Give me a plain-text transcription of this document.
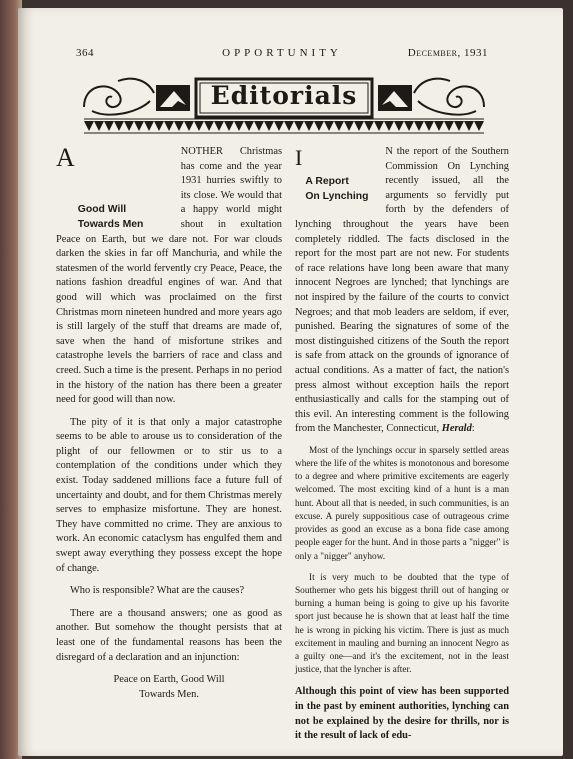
364	OPPORTUNITY	December, 1931
Editorials
A
Good Will
Towards Men

NOTHER Christmas has come and the year 1931 hurries swiftly to its close. We would that a happy world might shout in exultation Peace on Earth, but we dare not. For war clouds darken the skies in far off Manchuria, and while the statesmen of the world fervently cry Peace, Peace, the nations fashion dreadful engines of war. And that good will which was proclaimed on the first Christmas morn nineteen hundred and more years ago is still largely of the stuff that dreams are made of, save when the hand of misfortune strikes and catastrophe levels the barriers of race and class and creed. Such a time is the present. Perhaps in no period in the history of the nation has there been a greater need for good will than now.

The pity of it is that only a major catastrophe seems to be able to arouse us to consideration of the plight of our fellowmen or to stir us to a contemplation of the conditions under which they exist. Today saddened millions face a future full of uncertainty and doubt, and for them Christmas merely serves to emphasize misfortune. They are honest. They have committed no crime. They are anxious to work. An economic cataclysm has engulfed them and swept away everything they possess except the hope of change.

Who is responsible? What are the causes?

There are a thousand answers; one as good as another. But somehow the thought persists that at least one of the fundamental reasons has been the disregard of a declaration and an injunction:

Peace on Earth, Good Will

Towards Men.

I
A Report
On Lynching

N the report of the Southern Commission On Lynching recently issued, all the arguments so fervidly put forth by the defenders of lynching throughout the years have been completely riddled. The facts disclosed in the report for the most part are not new. For students of race relations have long been aware that many innocent Negroes are lynched; that lynchings are not inspired by the failure of the courts to convict Negroes; and that mob leaders are seldom, if ever, punished. Bearing the signatures of some of the most distinguished citizens of the South the report is safe from attack on the grounds of ignorance of actual conditions. As a matter of fact, the nation's press almost without exception hails the report enthusiastically and calls for the stamping out of this evil. An interesting comment is the following from the Manchester, Connecticut, Herald:

Most of the lynchings occur in sparsely settled areas where the life of the whites is monotonous and boresome to a degree and where primitive excitements are eagerly welcomed. The most exciting kind of a hunt is a man hunt. About all that is needed, in such communities, is an excuse. A purely suppositious case of outrageous crime provides as good an excuse as a bona fide case among people eager for the hunt. And in those parts a "nigger" is only a "nigger" anyhow.

It is very much to be doubted that the type of Southerner who gets his biggest thrill out of hanging or burning a human being is going to give up his favorite sport just because he is shown that at least half the time he is wrong in picking his victim. There is just as much excitement in mauling and burning an innocent Negro as a guilty one—and it's the excitement, not in the least justice, that the lyncher is after.

Although this point of view has been supported in the past by eminent authorities, lynching can not be explained by the desire for thrills, nor is it the result of lack of edu-
